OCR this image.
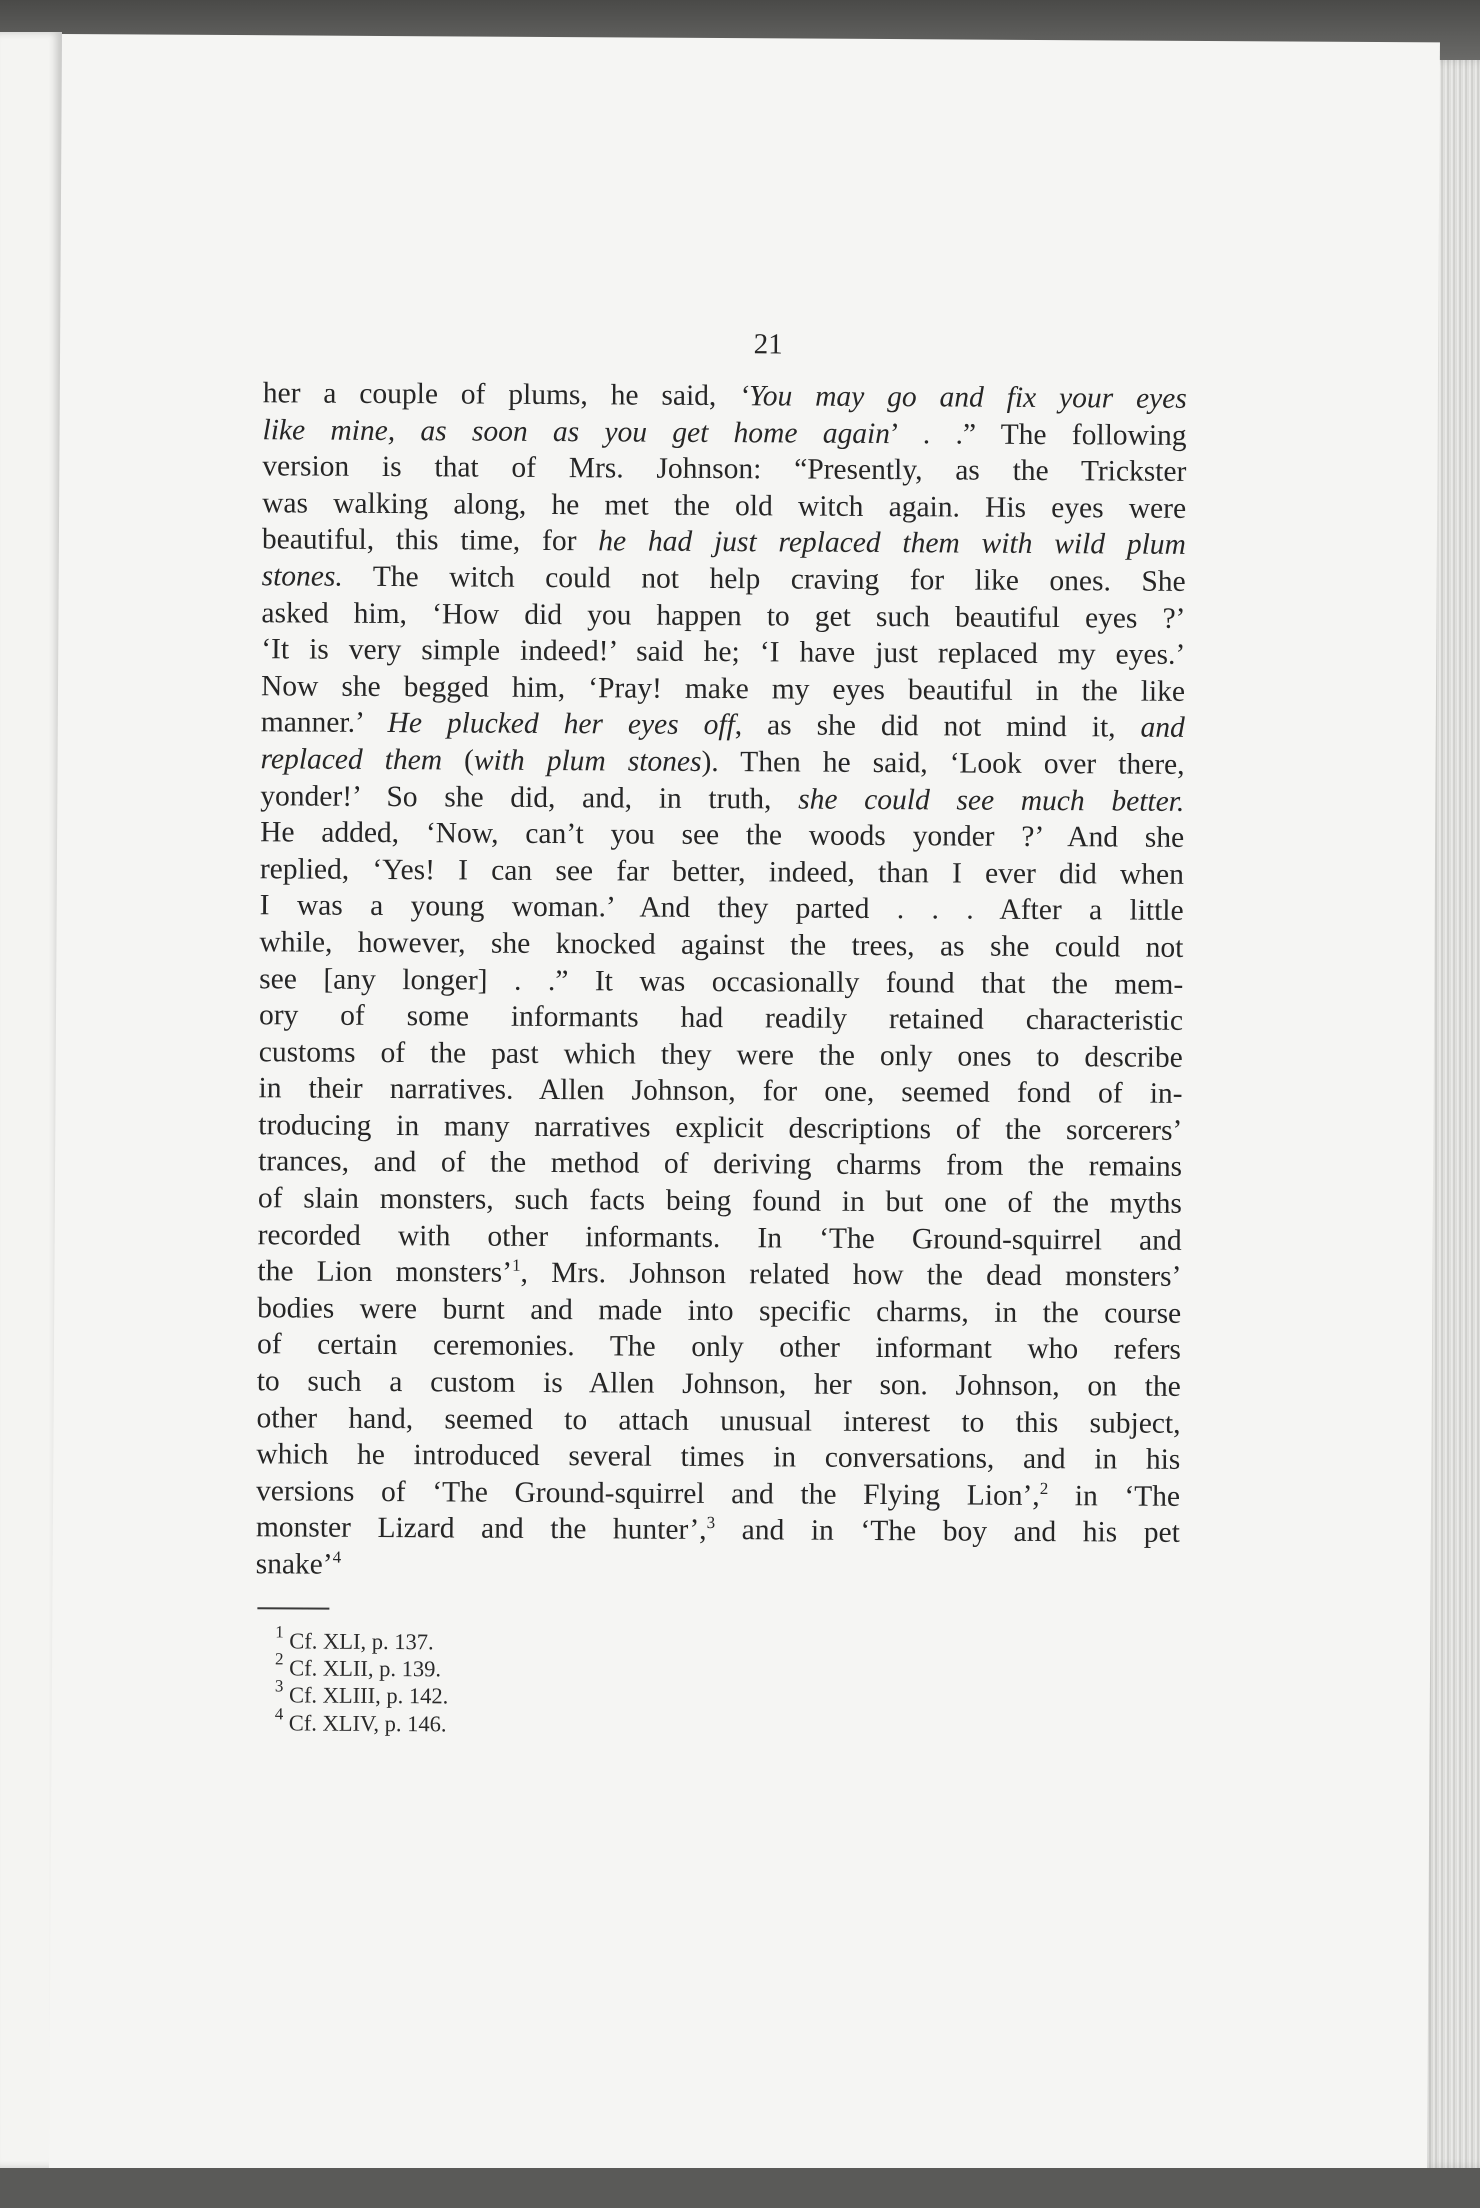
21
her a couple of plums, he said, ‘You may go and fix your eyes
like mine, as soon as you get home again’ . .” The following
version is that of Mrs. Johnson: “Presently, as the Trickster
was walking along, he met the old witch again. His eyes were
beautiful, this time, for he had just replaced them with wild plum
stones. The witch could not help craving for like ones. She
asked him, ‘How did you happen to get such beautiful eyes ?’
‘It is very simple indeed!’ said he; ‘I have just replaced my eyes.’
Now she begged him, ‘Pray! make my eyes beautiful in the like
manner.’ He plucked her eyes off, as she did not mind it, and
replaced them (with plum stones). Then he said, ‘Look over there,
yonder!’ So she did, and, in truth, she could see much better.
He added, ‘Now, can’t you see the woods yonder ?’ And she
replied, ‘Yes! I can see far better, indeed, than I ever did when
I was a young woman.’ And they parted . . . After a little
while, however, she knocked against the trees, as she could not
see [any longer] . .” It was occasionally found that the mem-
ory of some informants had readily retained characteristic
customs of the past which they were the only ones to describe
in their narratives. Allen Johnson, for one, seemed fond of in-
troducing in many narratives explicit descriptions of the sorcerers’
trances, and of the method of deriving charms from the remains
of slain monsters, such facts being found in but one of the myths
recorded with other informants. In ‘The Ground-squirrel and
the Lion monsters’$^1$, Mrs. Johnson related how the dead monsters’
bodies were burnt and made into specific charms, in the course
of certain ceremonies. The only other informant who refers
to such a custom is Allen Johnson, her son. Johnson, on the
other hand, seemed to attach unusual interest to this subject,
which he introduced several times in conversations, and in his
versions of ‘The Ground-squirrel and the Flying Lion’,$^2$ in ‘The
monster Lizard and the hunter’,$^3$ and in ‘The boy and his pet
snake’$^4$
$^1$ Cf. XLI, p. 137.
$^2$ Cf. XLII, p. 139.
$^3$ Cf. XLIII, p. 142.
$^4$ Cf. XLIV, p. 146.
